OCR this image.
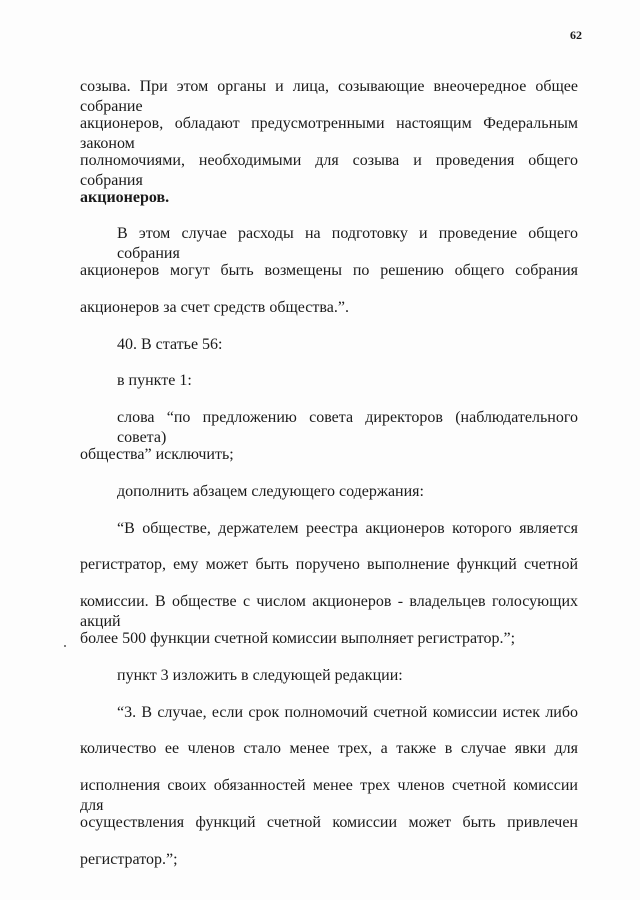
62
созыва. При этом органы и лица, созывающие внеочередное общее собрание
акционеров, обладают предусмотренными настоящим Федеральным законом
полномочиями, необходимыми для созыва и проведения общего собрания
акционеров.
В этом случае расходы на подготовку и проведение общего собрания
акционеров могут быть возмещены по решению общего собрания
акционеров за счет средств общества.”.
40. В статье 56:
в пункте 1:
слова “по предложению совета директоров (наблюдательного совета)
общества” исключить;
дополнить абзацем следующего содержания:
“В обществе, держателем реестра акционеров которого является
регистратор, ему может быть поручено выполнение функций счетной
комиссии. В обществе с числом акционеров - владельцев голосующих акций
более 500 функции счетной комиссии выполняет регистратор.”;
пункт 3 изложить в следующей редакции:
“3. В случае, если срок полномочий счетной комиссии истек либо
количество ее членов стало менее трех, а также в случае явки для
исполнения своих обязанностей менее трех членов счетной комиссии для
осуществления функций счетной комиссии может быть привлечен
регистратор.”;
